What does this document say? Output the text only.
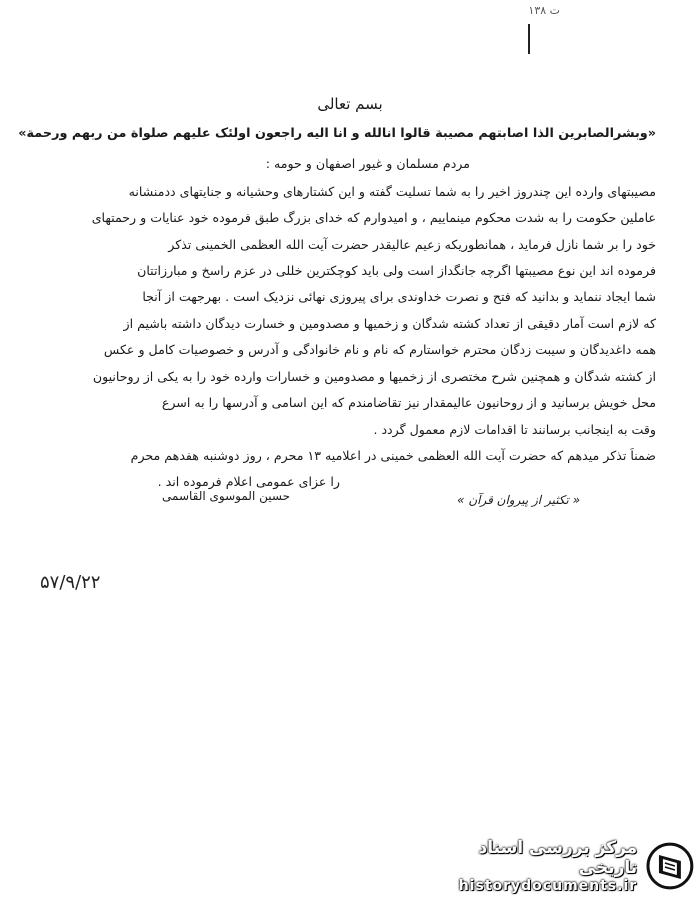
۱۳۸ ت
بسم تعالی
«وبشرالصابرین الذا اصابتهم مصیبة قالوا انالله و انا الیه راجعون اولئک علیهم صلواة من ربهم ورحمة»
مردم مسلمان و غیور اصفهان و حومه :
مصیبتهای وارده این چندروز اخیر را به شما تسلیت گفته و این کشتارهای وحشیانه و جنایتهای ددمنشانه
عاملین حکومت را به شدت محکوم مینماییم ، و امیدوارم که خدای بزرگ طبق فرموده خود عنایات و رحمتهای
خود را بر شما نازل فرماید ، همانطوریکه زعیم عالیقدر حضرت آیت الله العظمی الخمینی تذکر
فرموده اند این نوع مصیبتها اگرچه جانگداز است ولی باید کوچکترین خللی در عزم راسخ و مبارزاتتان
شما ایجاد ننماید و بدانید که فتح و نصرت خداوندی برای پیروزی نهائی نزدیک است . بهرجهت از آنجا
که لازم است آمار دقیقی از تعداد کشته شدگان و زخمیها و مصدومین و خسارت دیدگان داشته باشیم از
همه داغدیدگان و سیبت زدگان محترم خواستارم که نام و نام خانوادگی و آدرس و خصوصیات کامل و عکس
از کشته شدگان و همچنین شرح مختصری از زخمیها و مصدومین و خسارات وارده خود را به یکی از روحانیون
محل خویش برسانید و از روحانیون عالیمقدار نیز تقاضامندم که این اسامی و آدرسها را به اسرع
وقت به اینجانب برسانند تا اقدامات لازم معمول گردد .
ضمناً تذکر میدهم که حضرت آیت الله العظمی خمینی در اعلامیه ۱۳ محرم ، روز دوشنبه هفدهم محرم
را عزای عمومی اعلام فرموده اند .
حسین الموسوی القاسمی	« تکثیر از پیروان قرآن »
۵۷/۹/۲۲
مرکز بررسی اسناد تاریخی
historydocuments.ir
